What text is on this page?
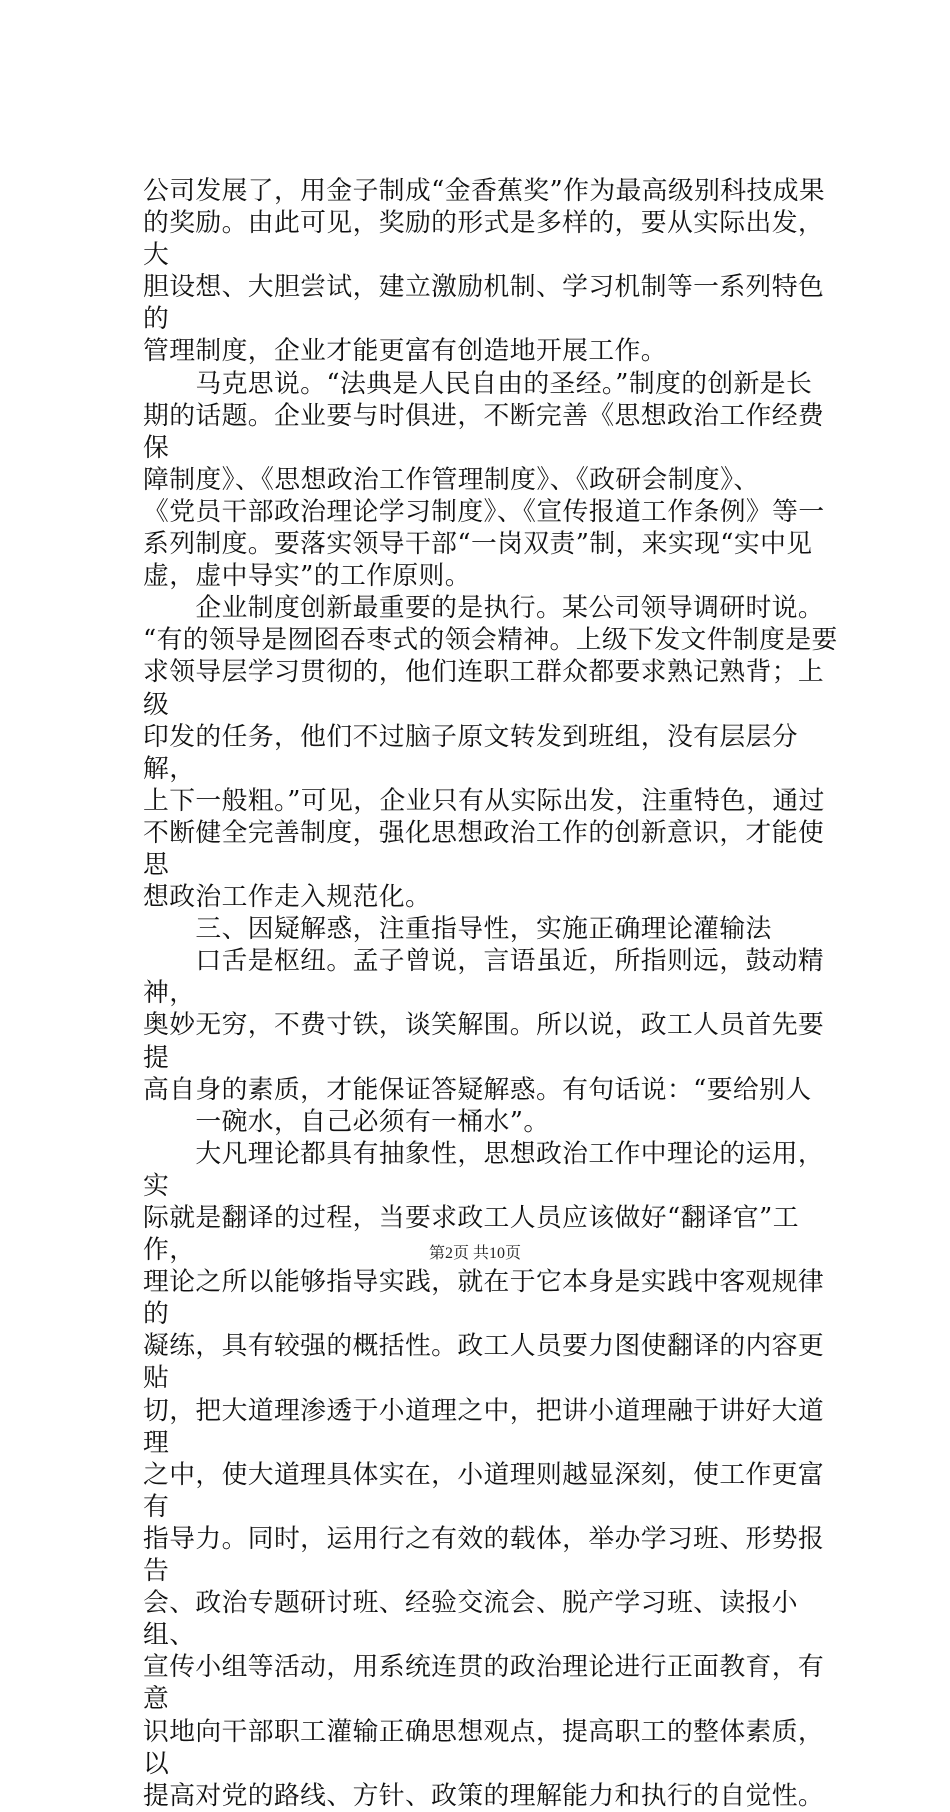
公司发展了，用金子制成“金香蕉奖”作为最高级别科技成果

的奖励。由此可见，奖励的形式是多样的，要从实际出发，大

胆设想、大胆尝试，建立激励机制、学习机制等一系列特色的

管理制度，企业才能更富有创造地开展工作。

　　马克思说。“法典是人民自由的圣经。”制度的创新是长

期的话题。企业要与时俱进，不断完善《思想政治工作经费保

障制度》、《思想政治工作管理制度》、《政研会制度》、

《党员干部政治理论学习制度》、《宣传报道工作条例》等一

系列制度。要落实领导干部“一岗双责”制，来实现“实中见

虚，虚中导实”的工作原则。

　　企业制度创新最重要的是执行。某公司领导调研时说。

“有的领导是囫囵吞枣式的领会精神。上级下发文件制度是要

求领导层学习贯彻的，他们连职工群众都要求熟记熟背；上级

印发的任务，他们不过脑子原文转发到班组，没有层层分解，

上下一般粗。”可见，企业只有从实际出发，注重特色，通过

不断健全完善制度，强化思想政治工作的创新意识，才能使思

想政治工作走入规范化。

　　三、因疑解惑，注重指导性，实施正确理论灌输法

　　口舌是枢纽。孟子曾说，言语虽近，所指则远，鼓动精神，

奥妙无穷，不费寸铁，谈笑解围。所以说，政工人员首先要提

高自身的素质，才能保证答疑解惑。有句话说：“要给别人

　　一碗水，自己必须有一桶水”。

　　大凡理论都具有抽象性，思想政治工作中理论的运用，实

际就是翻译的过程，当要求政工人员应该做好“翻译官”工作，

理论之所以能够指导实践，就在于它本身是实践中客观规律的

凝练，具有较强的概括性。政工人员要力图使翻译的内容更贴

切，把大道理渗透于小道理之中，把讲小道理融于讲好大道理

之中，使大道理具体实在，小道理则越显深刻，使工作更富有

指导力。同时，运用行之有效的载体，举办学习班、形势报告

会、政治专题研讨班、经验交流会、脱产学习班、读报小组、

宣传小组等活动，用系统连贯的政治理论进行正面教育，有意

识地向干部职工灌输正确思想观点，提高职工的整体素质，以

提高对党的路线、方针、政策的理解能力和执行的自觉性。

第2页 共10页
